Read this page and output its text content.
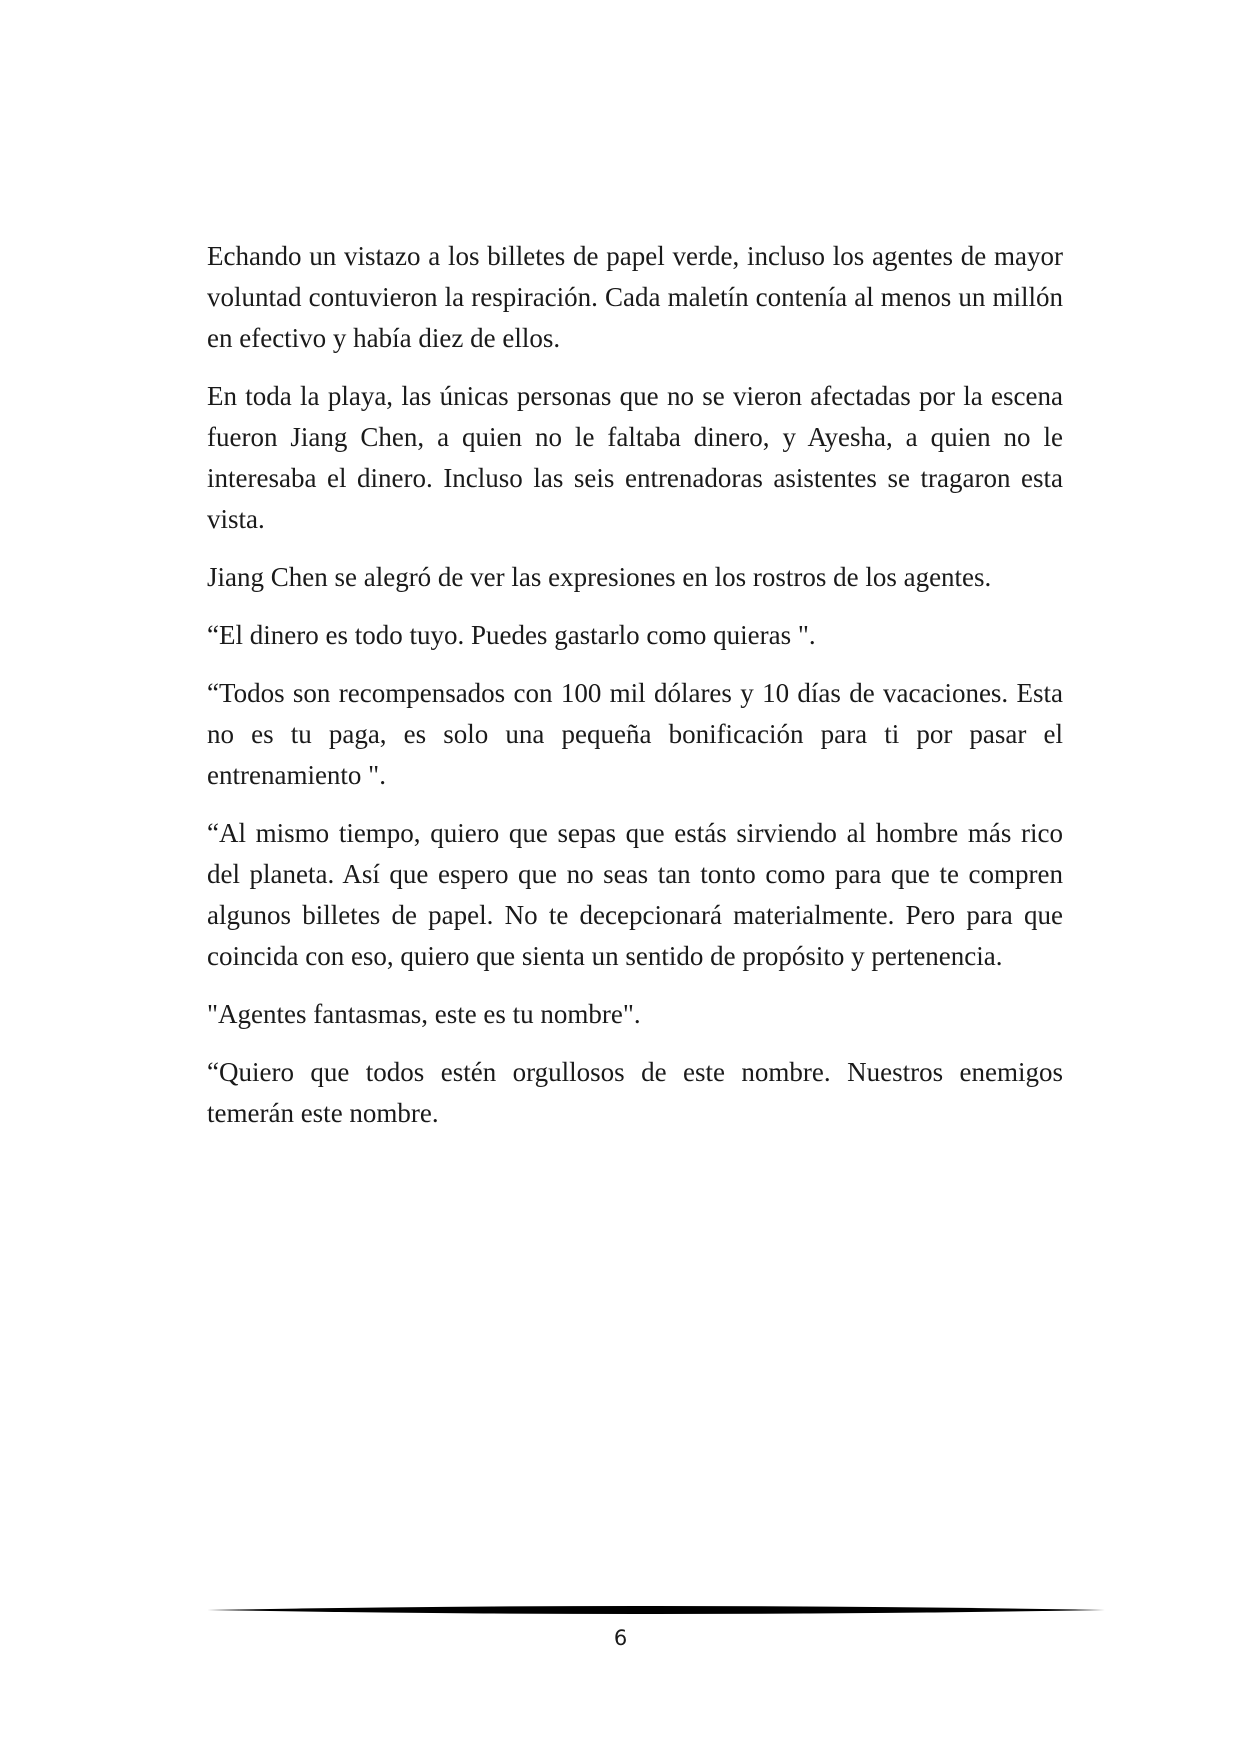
Echando un vistazo a los billetes de papel verde, incluso los agentes de mayor voluntad contuvieron la respiración. Cada maletín contenía al menos un millón en efectivo y había diez de ellos.

En toda la playa, las únicas personas que no se vieron afectadas por la escena fueron Jiang Chen, a quien no le faltaba dinero, y Ayesha, a quien no le interesaba el dinero. Incluso las seis entrenadoras asistentes se tragaron esta vista.

Jiang Chen se alegró de ver las expresiones en los rostros de los agentes.

“El dinero es todo tuyo. Puedes gastarlo como quieras ".

“Todos son recompensados con 100 mil dólares y 10 días de vacaciones. Esta no es tu paga, es solo una pequeña bonificación para ti por pasar el entrenamiento ".

“Al mismo tiempo, quiero que sepas que estás sirviendo al hombre más rico del planeta. Así que espero que no seas tan tonto como para que te compren algunos billetes de papel. No te decepcionará materialmente. Pero para que coincida con eso, quiero que sienta un sentido de propósito y pertenencia.

"Agentes fantasmas, este es tu nombre".

“Quiero que todos estén orgullosos de este nombre. Nuestros enemigos temerán este nombre.

6
